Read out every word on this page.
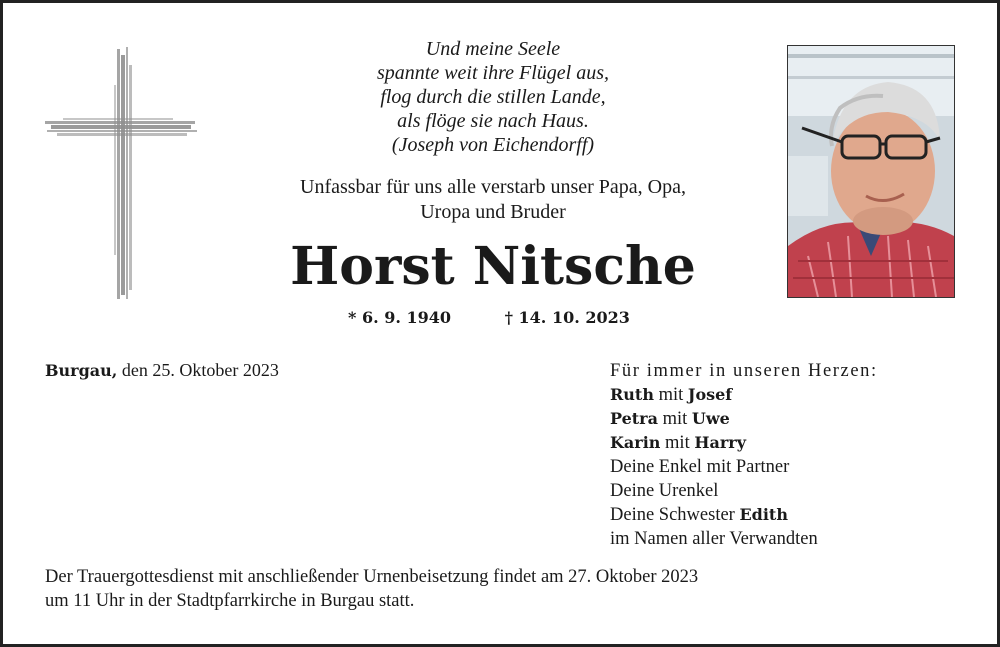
Und meine Seele
spannte weit ihre Flügel aus,
flog durch die stillen Lande,
als flöge sie nach Haus.
(Joseph von Eichendorff)
Unfassbar für uns alle verstarb unser Papa, Opa,
Uropa und Bruder
Horst Nitsche
* 6. 9. 1940	† 14. 10. 2023
Burgau, den 25. Oktober 2023	Für immer in unseren Herzen:
Ruth mit Josef
Petra mit Uwe
Karin mit Harry
Deine Enkel mit Partner
Deine Urenkel
Deine Schwester Edith
im Namen aller Verwandten
Der Trauergottesdienst mit anschließender Urnenbeisetzung findet am 27. Oktober 2023
um 11 Uhr in der Stadtpfarrkirche in Burgau statt.
